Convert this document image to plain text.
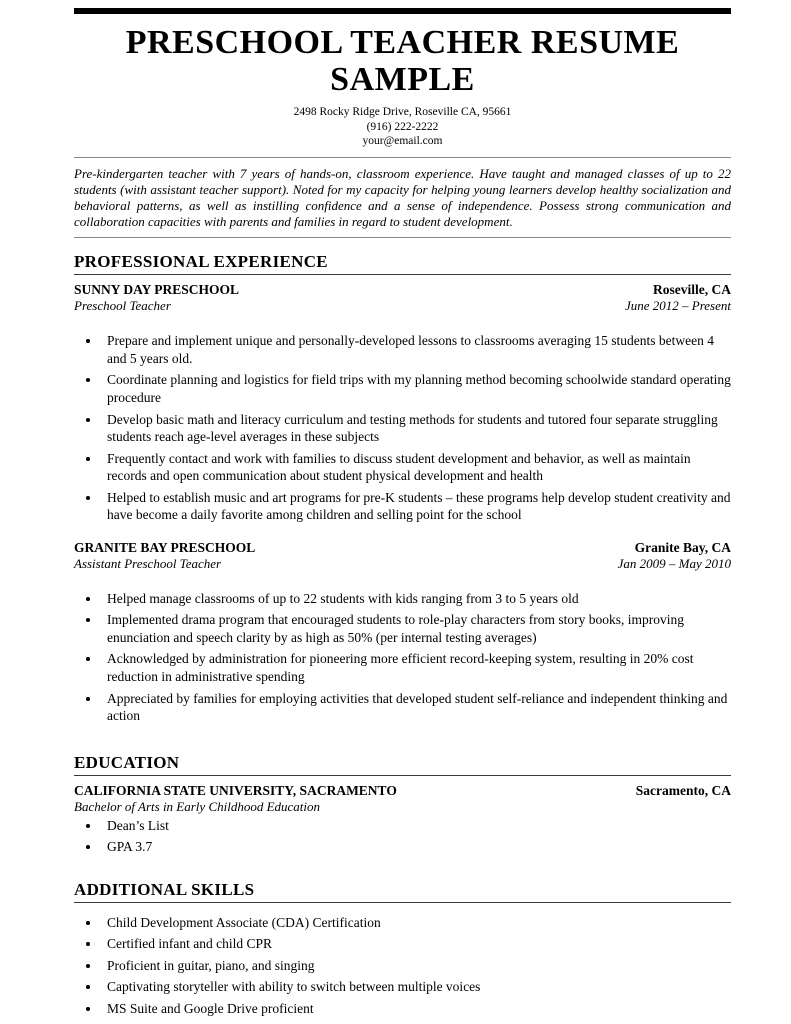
PRESCHOOL TEACHER RESUME SAMPLE
2498 Rocky Ridge Drive, Roseville CA, 95661
(916) 222-2222
your@email.com

Pre-kindergarten teacher with 7 years of hands-on, classroom experience. Have taught and managed classes of up to 22 students (with assistant teacher support). Noted for my capacity for helping young learners develop healthy socialization and behavioral patterns, as well as instilling confidence and a sense of independence. Possess strong communication and collaboration capacities with parents and families in regard to student development.

PROFESSIONAL EXPERIENCE
SUNNY DAY PRESCHOOL	Roseville, CA
Preschool Teacher	June 2012 – Present
• Prepare and implement unique and personally-developed lessons to classrooms averaging 15 students between 4 and 5 years old.
• Coordinate planning and logistics for field trips with my planning method becoming schoolwide standard operating procedure
• Develop basic math and literacy curriculum and testing methods for students and tutored four separate struggling students reach age-level averages in these subjects
• Frequently contact and work with families to discuss student development and behavior, as well as maintain records and open communication about student physical development and health
• Helped to establish music and art programs for pre-K students – these programs help develop student creativity and have become a daily favorite among children and selling point for the school
GRANITE BAY PRESCHOOL	Granite Bay, CA
Assistant Preschool Teacher	Jan 2009 – May 2010
• Helped manage classrooms of up to 22 students with kids ranging from 3 to 5 years old
• Implemented drama program that encouraged students to role-play characters from story books, improving enunciation and speech clarity by as high as 50% (per internal testing averages)
• Acknowledged by administration for pioneering more efficient record-keeping system, resulting in 20% cost reduction in administrative spending
• Appreciated by families for employing activities that developed student self-reliance and independent thinking and action
EDUCATION
CALIFORNIA STATE UNIVERSITY, SACRAMENTO	Sacramento, CA
Bachelor of Arts in Early Childhood Education
• Dean’s List
• GPA 3.7
ADDITIONAL SKILLS
• Child Development Associate (CDA) Certification
• Certified infant and child CPR
• Proficient in guitar, piano, and singing
• Captivating storyteller with ability to switch between multiple voices
• MS Suite and Google Drive proficient
